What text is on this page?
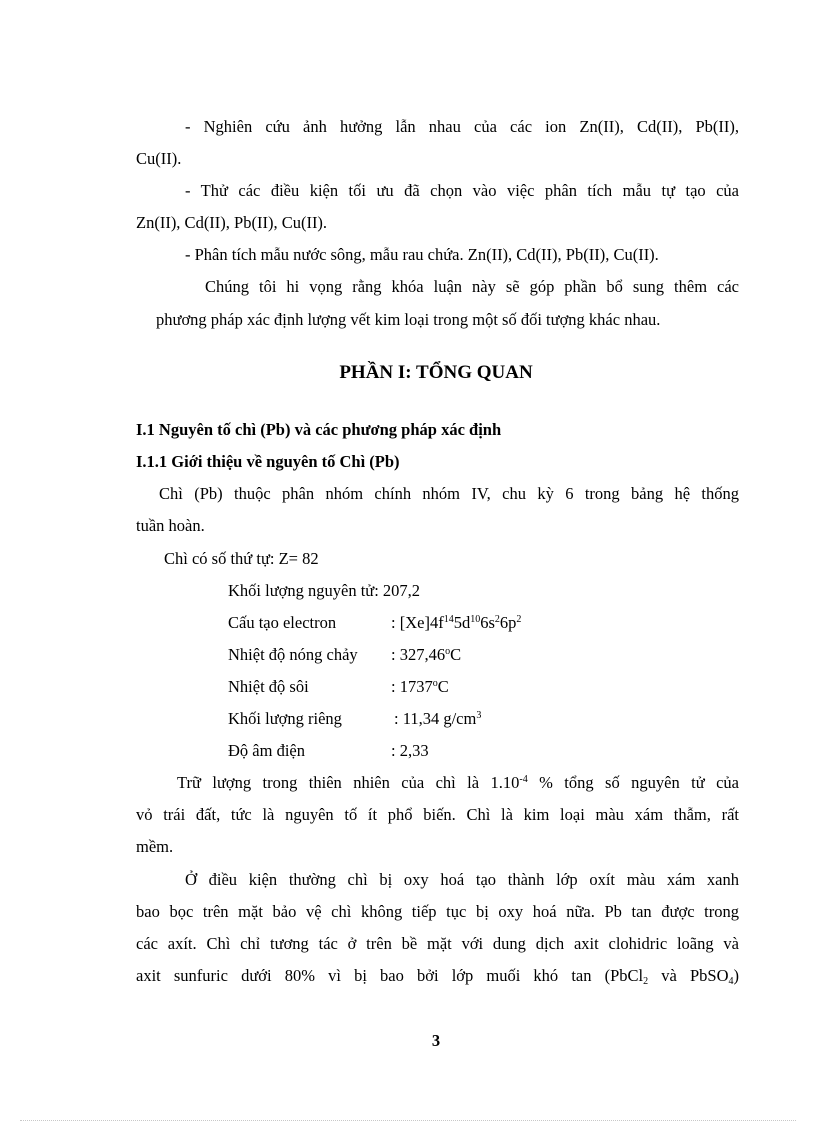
- Nghiên cứu ảnh hưởng lẫn nhau của các ion Zn(II), Cd(II), Pb(II),
Cu(II).
- Thử các điều kiện tối ưu đã chọn vào việc phân tích mẫu tự tạo của
Zn(II), Cd(II), Pb(II), Cu(II).
- Phân tích mẫu nước sông, mẫu rau chứa. Zn(II), Cd(II), Pb(II), Cu(II).
Chúng tôi hi vọng rằng khóa luận này sẽ góp phần bổ sung thêm các
phương pháp xác định lượng vết kim loại trong một số đối tượng khác nhau.
PHẦN I: TỔNG QUAN
I.1 Nguyên tố chì (Pb) và các phương pháp xác định
I.1.1 Giới thiệu về nguyên tố Chì (Pb)
Chì (Pb) thuộc phân nhóm chính nhóm IV, chu kỳ 6 trong bảng hệ thống
tuần hoàn.
Chì có số thứ tự: Z= 82
Khối lượng nguyên tử: 207,2
Cấu tạo electron	: $[Xe]4f^{14}5d^{10}6s^26p^2$
Nhiệt độ nóng chảy : 327,46$^o$C
Nhiệt độ sôi	: 1737$^o$C
Khối lượng riêng	: 11,34 $g/cm^3$
Độ âm điện	: 2,33
Trữ lượng trong thiên nhiên của chì là $1.10^{-4}$ % tổng số nguyên tử của
vỏ trái đất, tức là nguyên tố ít phổ biến. Chì là kim loại màu xám thẫm, rất
mềm.
Ở điều kiện thường chì bị oxy hoá tạo thành lớp oxít màu xám xanh
bao bọc trên mặt bảo vệ chì không tiếp tục bị oxy hoá nữa. Pb tan được trong
các axít. Chì chỉ tương tác ở trên bề mặt với dung dịch axit clohidric loãng và
axit sunfuric dưới 80% vì bị bao bởi lớp muối khó tan (PbCl$_2$ và PbSO$_4$)
3
